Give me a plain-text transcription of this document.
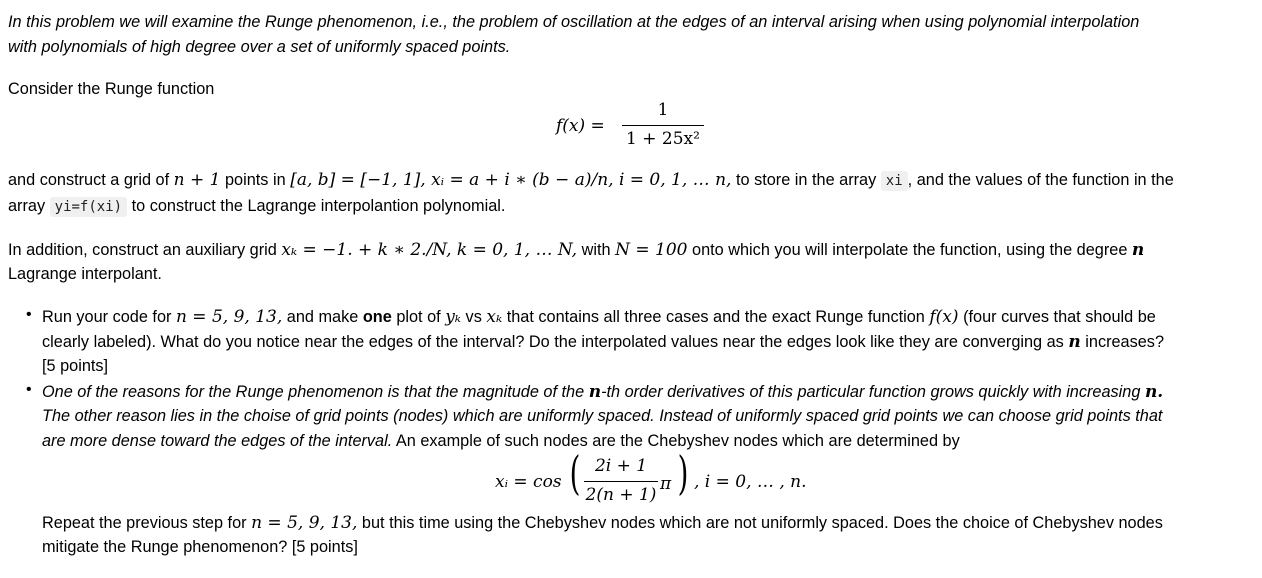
In this problem we will examine the Runge phenomenon, i.e., the problem of oscillation at the edges of an interval arising when using polynomial interpolation
with polynomials of high degree over a set of uniformly spaced points.
Consider the Runge function
f(x) =
1
1 + 25x²
and construct a grid of n + 1 points in [a, b] = [−1, 1], xᵢ = a + i ∗ (b − a)/n, i = 0, 1, … n, to store in the array xi , and the values of the function in the
array yi=f(xi) to construct the Lagrange interpolantion polynomial.
In addition, construct an auxiliary grid xₖ = −1. + k ∗ 2./N, k = 0, 1, … N, with N = 100 onto which you will interpolate the function, using the degree n
Lagrange interpolant.
• Run your code for n = 5, 9, 13, and make one plot of yₖ vs xₖ that contains all three cases and the exact Runge function f(x) (four curves that should be
clearly labeled). What do you notice near the edges of the interval? Do the interpolated values near the edges look like they are converging as n increases?
[5 points]
• One of the reasons for the Runge phenomenon is that the magnitude of the n-th order derivatives of this particular function grows quickly with increasing n.
The other reason lies in the choise of grid points (nodes) which are uniformly spaced. Instead of uniformly spaced grid points we can choose grid points that
are more dense toward the edges of the interval. An example of such nodes are the Chebyshev nodes which are determined by
xᵢ = cos ( 2i + 1
2(n + 1)
π ) , i = 0, … , n.
Repeat the previous step for n = 5, 9, 13, but this time using the Chebyshev nodes which are not uniformly spaced. Does the choice of Chebyshev nodes
mitigate the Runge phenomenon? [5 points]
